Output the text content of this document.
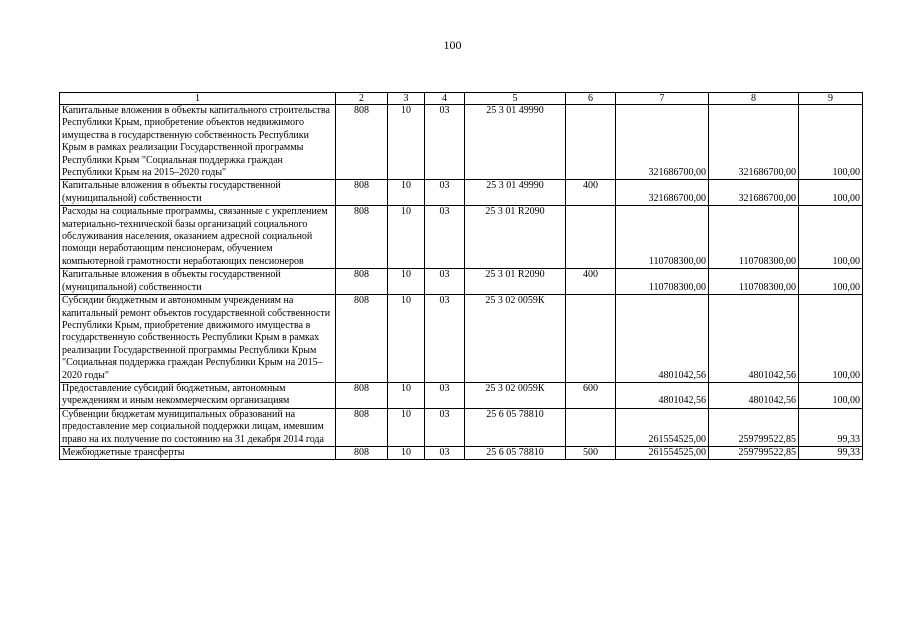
100
1	2	3	4	5	6	7	8	9
Капитальные вложения в объекты капитального строительства Республики Крым, приобретение объектов недвижимого имущества в государственную собственность Республики Крым в рамках реализации Государственной программы Республики Крым "Социальная поддержка граждан Республики Крым на 2015–2020 годы"	808	10	03	25 3 01 49990		321686700,00	321686700,00	100,00
Капитальные вложения в объекты государственной (муниципальной) собственности	808	10	03	25 3 01 49990	400	321686700,00	321686700,00	100,00
Расходы на социальные программы, связанные с укреплением материально-технической базы организаций социального обслуживания населения, оказанием адресной социальной помощи неработающим пенсионерам, обучением компьютерной грамотности неработающих пенсионеров	808	10	03	25 3 01 R2090		110708300,00	110708300,00	100,00
Капитальные вложения в объекты государственной (муниципальной) собственности	808	10	03	25 3 01 R2090	400	110708300,00	110708300,00	100,00
Субсидии бюджетным и автономным учреждениям на капитальный ремонт объектов государственной собственности Республики Крым, приобретение движимого имущества в государственную собственность Республики Крым в рамках реализации Государственной программы Республики Крым "Социальная поддержка граждан Республики Крым на 2015–2020 годы"	808	10	03	25 3 02 0059К		4801042,56	4801042,56	100,00
Предоставление субсидий бюджетным, автономным учреждениям и иным некоммерческим организациям	808	10	03	25 3 02 0059К	600	4801042,56	4801042,56	100,00
Субвенции бюджетам муниципальных образований на предоставление мер социальной поддержки лицам, имевшим право на их получение по состоянию на 31 декабря 2014 года	808	10	03	25 6 05 78810		261554525,00	259799522,85	99,33
Межбюджетные трансферты	808	10	03	25 6 05 78810	500	261554525,00	259799522,85	99,33
